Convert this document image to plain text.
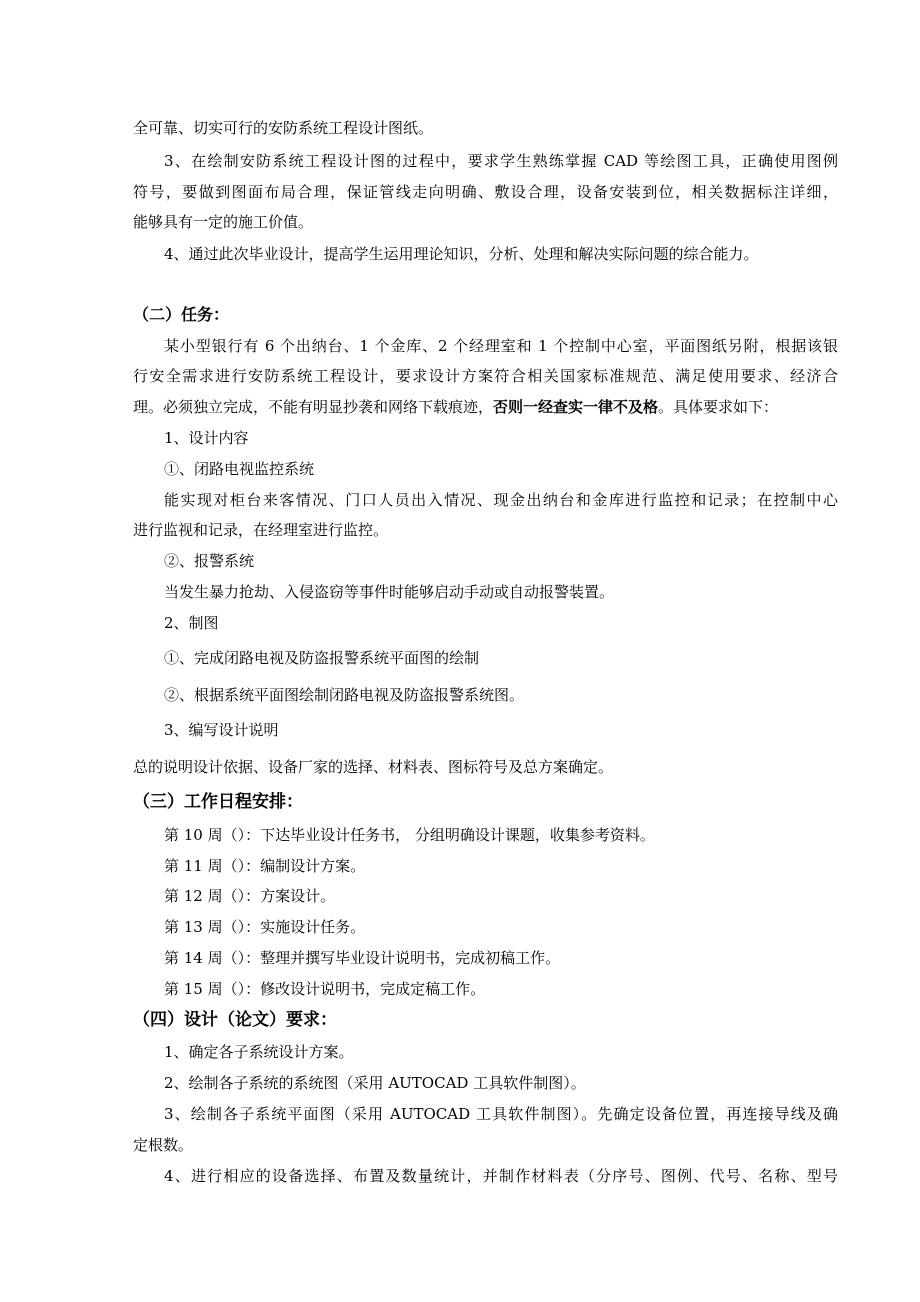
全可靠、切实可行的安防系统工程设计图纸。
3、在绘制安防系统工程设计图的过程中，要求学生熟练掌握 CAD 等绘图工具，正确使用图例
符号，要做到图面布局合理，保证管线走向明确、敷设合理，设备安装到位，相关数据标注详细，
能够具有一定的施工价值。
4、通过此次毕业设计，提高学生运用理论知识，分析、处理和解决实际问题的综合能力。
（二）任务：
某小型银行有 6 个出纳台、1 个金库、2 个经理室和 1 个控制中心室，平面图纸另附，根据该银
行安全需求进行安防系统工程设计，要求设计方案符合相关国家标准规范、满足使用要求、经济合
理。必须独立完成，不能有明显抄袭和网络下载痕迹，否则一经查实一律不及格。具体要求如下：
1、设计内容
①、闭路电视监控系统
能实现对柜台来客情况、门口人员出入情况、现金出纳台和金库进行监控和记录；在控制中心
进行监视和记录，在经理室进行监控。
②、报警系统
当发生暴力抢劫、入侵盗窃等事件时能够启动手动或自动报警装置。
2、制图
①、完成闭路电视及防盗报警系统平面图的绘制
②、根据系统平面图绘制闭路电视及防盗报警系统图。
3、编写设计说明
总的说明设计依据、设备厂家的选择、材料表、图标符号及总方案确定。
（三）工作日程安排：
第 10 周（）：下达毕业设计任务书， 分组明确设计课题，收集参考资料。
第 11 周（）：编制设计方案。
第 12 周（）：方案设计。
第 13 周（）：实施设计任务。
第 14 周（）：整理并撰写毕业设计说明书，完成初稿工作。
第 15 周（）：修改设计说明书，完成定稿工作。
（四）设计（论文）要求：
1、确定各子系统设计方案。
2、绘制各子系统的系统图（采用 AUTOCAD 工具软件制图）。
3、绘制各子系统平面图（采用 AUTOCAD 工具软件制图）。先确定设备位置，再连接导线及确
定根数。
4、进行相应的设备选择、布置及数量统计，并制作材料表（分序号、图例、代号、名称、型号
